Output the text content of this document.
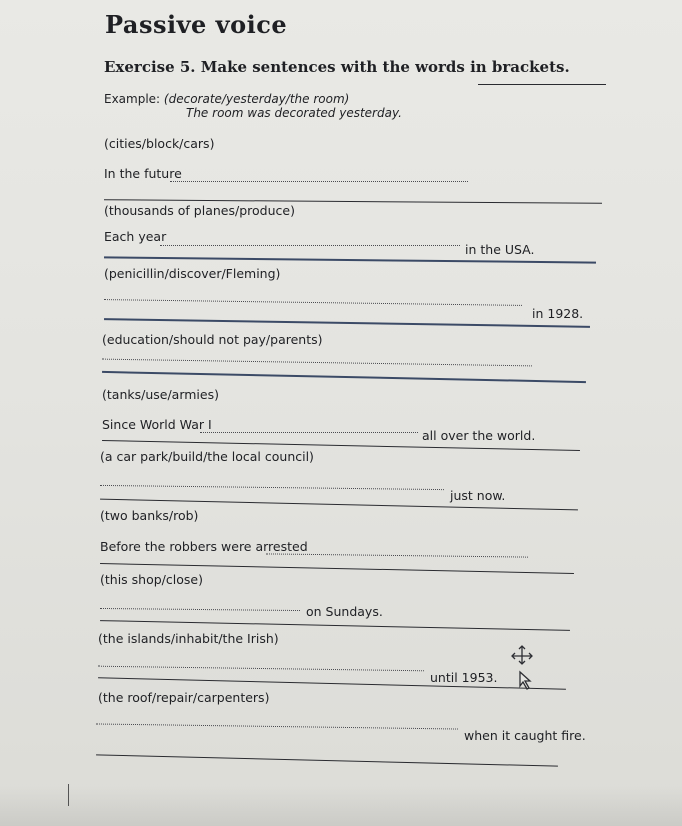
Passive voice
Exercise 5. Make sentences with the words in brackets.
Example: (decorate/yesterday/the room)
The room was decorated yesterday.
(cities/block/cars)
In the future
(thousands of planes/produce)
Each year
in the USA.
(penicillin/discover/Fleming)
in 1928.
(education/should not pay/parents)
(tanks/use/armies)
Since World War I
all over the world.
(a car park/build/the local council)
just now.
(two banks/rob)
Before the robbers were arrested
(this shop/close)
on Sundays.
(the islands/inhabit/the Irish)
until 1953.
(the roof/repair/carpenters)
when it caught fire.
